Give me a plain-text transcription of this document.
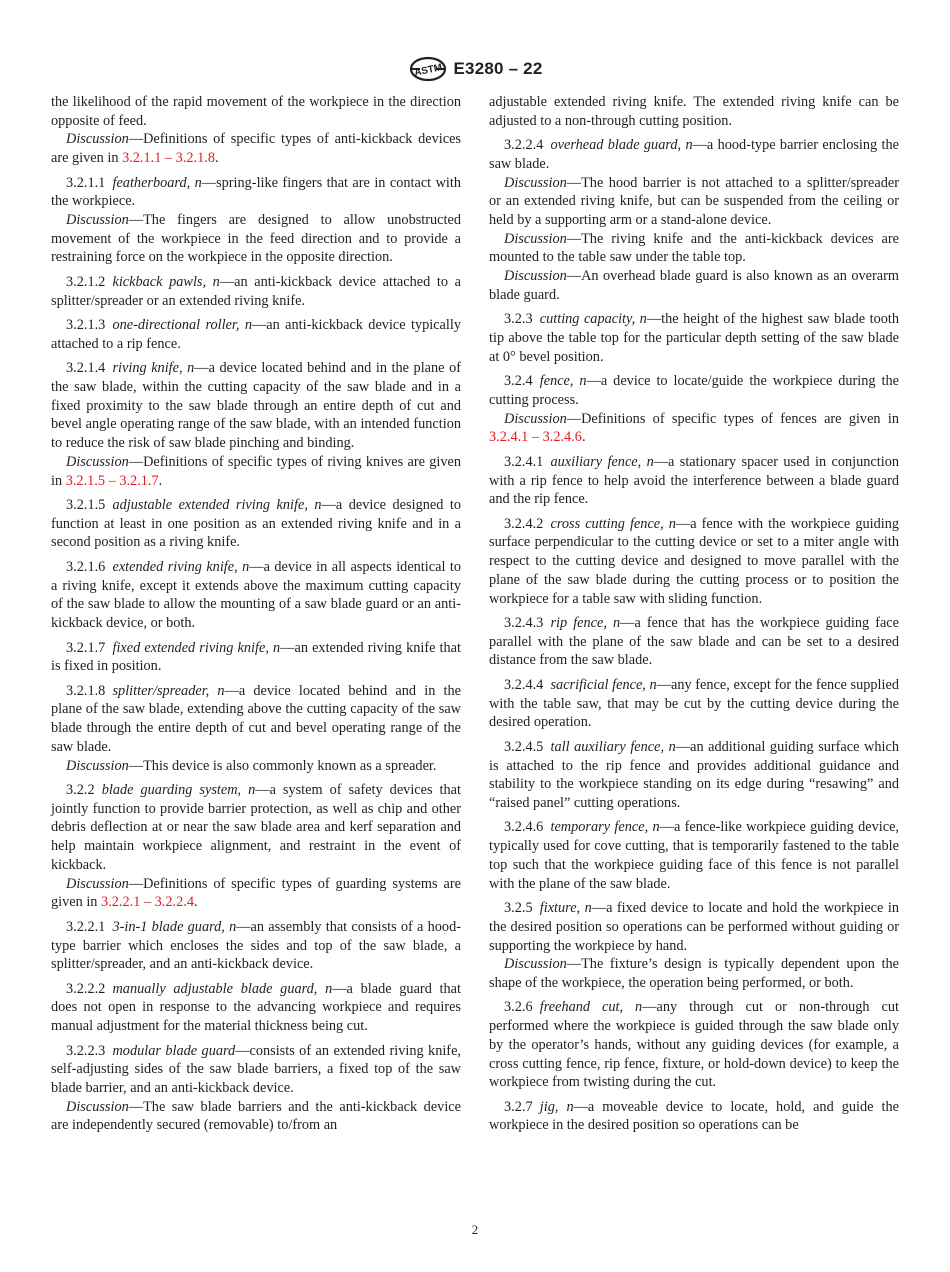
ASTM E3280 – 22

the likelihood of the rapid movement of the workpiece in the direction opposite of feed.

Discussion—Definitions of specific types of anti-kickback devices are given in 3.2.1.1 – 3.2.1.8.

3.2.1.1  featherboard, n—spring-like fingers that are in contact with the workpiece.

Discussion—The fingers are designed to allow unobstructed movement of the workpiece in the feed direction and to provide a restraining force on the workpiece in the opposite direction.

3.2.1.2  kickback pawls, n—an anti-kickback device attached to a splitter/spreader or an extended riving knife.

3.2.1.3  one-directional roller, n—an anti-kickback device typically attached to a rip fence.

3.2.1.4  riving knife, n—a device located behind and in the plane of the saw blade, within the cutting capacity of the saw blade and in a fixed proximity to the saw blade through an entire depth of cut and bevel angle operating range of the saw blade, with an intended function to reduce the risk of saw blade pinching and binding.

Discussion—Definitions of specific types of riving knives are given in 3.2.1.5 – 3.2.1.7.

3.2.1.5  adjustable extended riving knife, n—a device designed to function at least in one position as an extended riving knife and in a second position as a riving knife.

3.2.1.6  extended riving knife, n—a device in all aspects identical to a riving knife, except it extends above the maximum cutting capacity of the saw blade to allow the mounting of a saw blade guard or an anti-kickback device, or both.

3.2.1.7  fixed extended riving knife, n—an extended riving knife that is fixed in position.

3.2.1.8  splitter/spreader, n—a device located behind and in the plane of the saw blade, extending above the cutting capacity of the saw blade through the entire depth of cut and bevel operating range of the saw blade.

Discussion—This device is also commonly known as a spreader.

3.2.2  blade guarding system, n—a system of safety devices that jointly function to provide barrier protection, as well as chip and other debris deflection at or near the saw blade area and kerf separation and help maintain workpiece alignment, and restraint in the event of kickback.

Discussion—Definitions of specific types of guarding systems are given in 3.2.2.1 – 3.2.2.4.

3.2.2.1  3-in-1 blade guard, n—an assembly that consists of a hood-type barrier which encloses the sides and top of the saw blade, a splitter/spreader, and an anti-kickback device.

3.2.2.2  manually adjustable blade guard, n—a blade guard that does not open in response to the advancing workpiece and requires manual adjustment for the material thickness being cut.

3.2.2.3  modular blade guard—consists of an extended riving knife, self-adjusting sides of the saw blade barriers, a fixed top of the saw blade barrier, and an anti-kickback device.

Discussion—The saw blade barriers and the anti-kickback device are independently secured (removable) to/from an

adjustable extended riving knife. The extended riving knife can be adjusted to a non-through cutting position.

3.2.2.4  overhead blade guard, n—a hood-type barrier enclosing the saw blade.

Discussion—The hood barrier is not attached to a splitter/spreader or an extended riving knife, but can be suspended from the ceiling or held by a supporting arm or a stand-alone device.

Discussion—The riving knife and the anti-kickback devices are mounted to the table saw under the table top.

Discussion—An overhead blade guard is also known as an overarm blade guard.

3.2.3  cutting capacity, n—the height of the highest saw blade tooth tip above the table top for the particular depth setting of the saw blade at 0° bevel position.

3.2.4  fence, n—a device to locate/guide the workpiece during the cutting process.

Discussion—Definitions of specific types of fences are given in 3.2.4.1 – 3.2.4.6.

3.2.4.1  auxiliary fence, n—a stationary spacer used in conjunction with a rip fence to help avoid the interference between a blade guard and the rip fence.

3.2.4.2  cross cutting fence, n—a fence with the workpiece guiding surface perpendicular to the cutting device or set to a miter angle with respect to the cutting device and designed to move parallel with the plane of the saw blade during the cutting process or to position the workpiece for a table saw with sliding function.

3.2.4.3  rip fence, n—a fence that has the workpiece guiding face parallel with the plane of the saw blade and can be set to a desired distance from the saw blade.

3.2.4.4  sacrificial fence, n—any fence, except for the fence supplied with the table saw, that may be cut by the cutting device during the desired operation.

3.2.4.5  tall auxiliary fence, n—an additional guiding surface which is attached to the rip fence and provides additional guidance and stability to the workpiece standing on its edge during “resawing” and “raised panel” cutting operations.

3.2.4.6  temporary fence, n—a fence-like workpiece guiding device, typically used for cove cutting, that is temporarily fastened to the table top such that the workpiece guiding face of this fence is not parallel with the plane of the saw blade.

3.2.5  fixture, n—a fixed device to locate and hold the workpiece in the desired position so operations can be performed without guiding or supporting the workpiece by hand.

Discussion—The fixture’s design is typically dependent upon the shape of the workpiece, the operation being performed, or both.

3.2.6  freehand cut, n—any through cut or non-through cut performed where the workpiece is guided through the saw blade only by the operator’s hands, without any guiding devices (for example, a cross cutting fence, rip fence, fixture, or hold-down device) to keep the workpiece from twisting during the cut.

3.2.7  jig, n—a moveable device to locate, hold, and guide the workpiece in the desired position so operations can be

2
